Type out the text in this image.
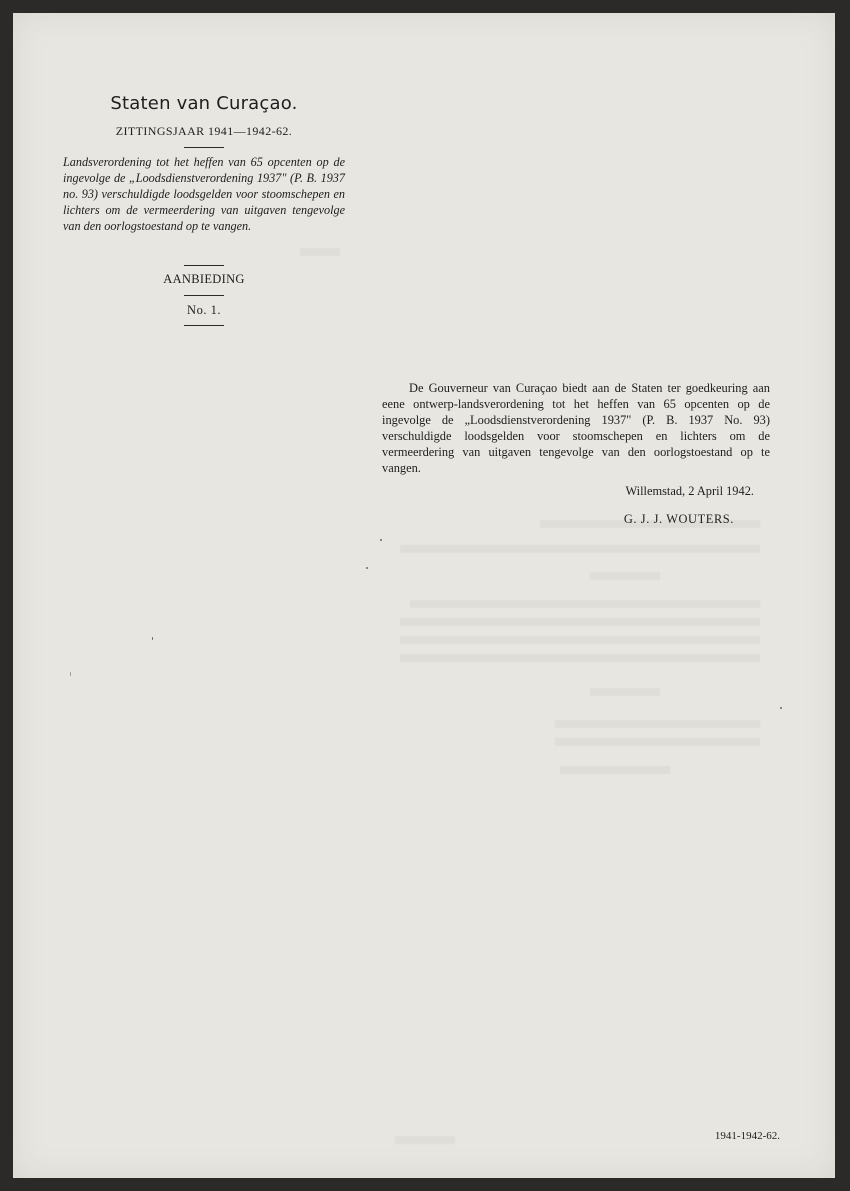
Staten van Curaçao.
ZITTINGSJAAR 1941—1942-62.
Landsverordening tot het heffen van 65 opcenten op de ingevolge de „Loodsdienstverordening 1937" (P. B. 1937 no. 93) verschuldigde loodsgelden voor stoomschepen en lichters om de vermeerdering van uitgaven tengevolge van den oorlogstoestand op te vangen.
AANBIEDING
No. 1.

De Gouverneur van Curaçao biedt aan de Staten ter goedkeuring aan eene ontwerp-landsverordening tot het heffen van 65 opcenten op de ingevolge de „Loodsdienstverordening 1937" (P. B. 1937 No. 93) verschuldigde loodsgelden voor stoomschepen en lichters om de vermeerdering van uitgaven tengevolge van den oorlogstoestand op te vangen.

Willemstad, 2 April 1942.
G. J. J. WOUTERS.
1941-1942-62.
